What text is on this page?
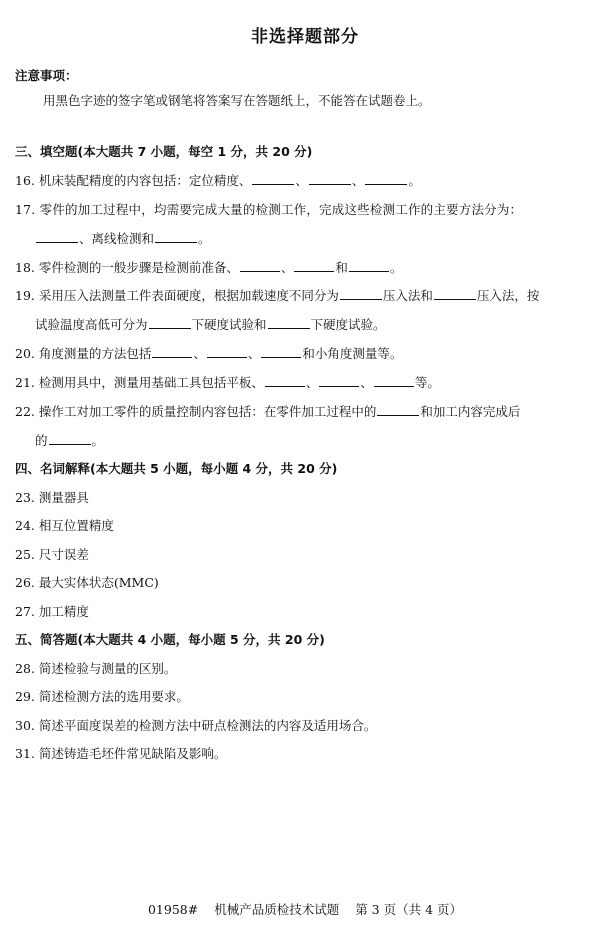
非选择题部分
注意事项：
用黑色字迹的签字笔或钢笔将答案写在答题纸上，不能答在试题卷上。
三、填空题(本大题共 7 小题，每空 1 分，共 20 分)
16. 机床装配精度的内容包括：定位精度、	、	、	。
17. 零件的加工过程中，均需要完成大量的检测工作，完成这些检测工作的主要方法分为：
、离线检测和	。
18. 零件检测的一般步骤是检测前准备、	、	和	。
19. 采用压入法测量工件表面硬度，根据加载速度不同分为	压入法和	压入法，按
试验温度高低可分为	下硬度试验和	下硬度试验。
20. 角度测量的方法包括	、	、	和小角度测量等。
21. 检测用具中，测量用基础工具包括平板、	、	、	等。
22. 操作工对加工零件的质量控制内容包括：在零件加工过程中的	和加工内容完成后
的	。
四、名词解释(本大题共 5 小题，每小题 4 分，共 20 分)
23. 测量器具
24. 相互位置精度
25. 尺寸误差
26. 最大实体状态(MMC)
27. 加工精度
五、简答题(本大题共 4 小题，每小题 5 分，共 20 分)
28. 简述检验与测量的区别。
29. 简述检测方法的选用要求。
30. 简述平面度误差的检测方法中研点检测法的内容及适用场合。
31. 简述铸造毛坯件常见缺陷及影响。
01958# 机械产品质检技术试题 第 3 页（共 4 页）
